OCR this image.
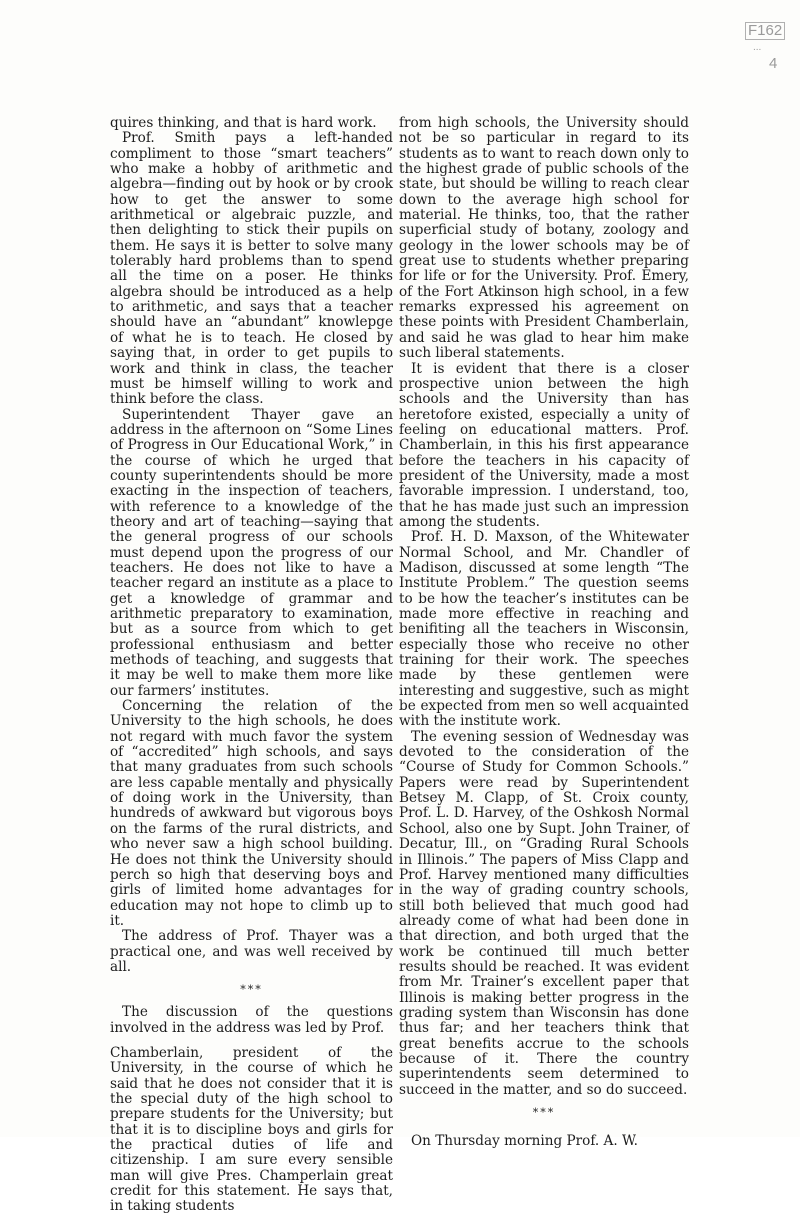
F162
...
4

quires thinking, and that is hard work.

Prof. Smith pays a left-handed compliment to those “smart teachers” who make a hobby of arithmetic and algebra—finding out by hook or by crook how to get the answer to some arithmetical or algebraic puzzle, and then delighting to stick their pupils on them. He says it is better to solve many tolerably hard problems than to spend all the time on a poser. He thinks algebra should be introduced as a help to arithmetic, and says that a teacher should have an “abundant” knowlepge of what he is to teach. He closed by saying that, in order to get pupils to work and think in class, the teacher must be himself willing to work and think before the class.

Superintendent Thayer gave an address in the afternoon on “Some Lines of Progress in Our Educational Work,” in the course of which he urged that county superintendents should be more exacting in the inspection of teachers, with reference to a knowledge of the theory and art of teaching—saying that the general progress of our schools must depend upon the progress of our teachers. He does not like to have a teacher regard an institute as a place to get a knowledge of grammar and arithmetic preparatory to examination, but as a source from which to get professional enthusiasm and better methods of teaching, and suggests that it may be well to make them more like our farmers’ institutes.

Concerning the relation of the University to the high schools, he does not regard with much favor the system of “accredited” high schools, and says that many graduates from such schools are less capable mentally and physically of doing work in the University, than hundreds of awkward but vigorous boys on the farms of the rural districts, and who never saw a high school building. He does not think the University should perch so high that deserving boys and girls of limited home advantages for education may not hope to climb up to it.

The address of Prof. Thayer was a practical one, and was well received by all.

***

The discussion of the questions involved in the address was led by Prof.

Chamberlain, president of the University, in the course of which he said that he does not consider that it is the special duty of the high school to prepare students for the University; but that it is to discipline boys and girls for the practical duties of life and citizenship. I am sure every sensible man will give Pres. Champerlain great credit for this statement. He says that, in taking students

from high schools, the University should not be so particular in regard to its students as to want to reach down only to the highest grade of public schools of the state, but should be willing to reach clear down to the average high school for material. He thinks, too, that the rather superficial study of botany, zoology and geology in the lower schools may be of great use to students whether preparing for life or for the University. Prof. Emery, of the Fort Atkinson high school, in a few remarks expressed his agreement on these points with President Chamberlain, and said he was glad to hear him make such liberal statements.

It is evident that there is a closer prospective union between the high schools and the University than has heretofore existed, especially a unity of feeling on educational matters. Prof. Chamberlain, in this his first appearance before the teachers in his capacity of president of the University, made a most favorable impression. I understand, too, that he has made just such an impression among the students.

Prof. H. D. Maxson, of the Whitewater Normal School, and Mr. Chandler of Madison, discussed at some length “The Institute Problem.” The question seems to be how the teacher’s institutes can be made more effective in reaching and benifiting all the teachers in Wisconsin, especially those who receive no other training for their work. The speeches made by these gentlemen were interesting and suggestive, such as might be expected from men so well acquainted with the institute work.

The evening session of Wednesday was devoted to the consideration of the “Course of Study for Common Schools.” Papers were read by Superintendent Betsey M. Clapp, of St. Croix county, Prof. L. D. Harvey, of the Oshkosh Normal School, also one by Supt. John Trainer, of Decatur, Ill., on “Grading Rural Schools in Illinois.” The papers of Miss Clapp and Prof. Harvey mentioned many difficulties in the way of grading country schools, still both believed that much good had already come of what had been done in that direction, and both urged that the work be continued till much better results should be reached. It was evident from Mr. Trainer’s excellent paper that Illinois is making better progress in the grading system than Wisconsin has done thus far; and her teachers think that great benefits accrue to the schools because of it. There the country superintendents seem determined to succeed in the matter, and so do succeed.

***

On Thursday morning Prof. A. W.
